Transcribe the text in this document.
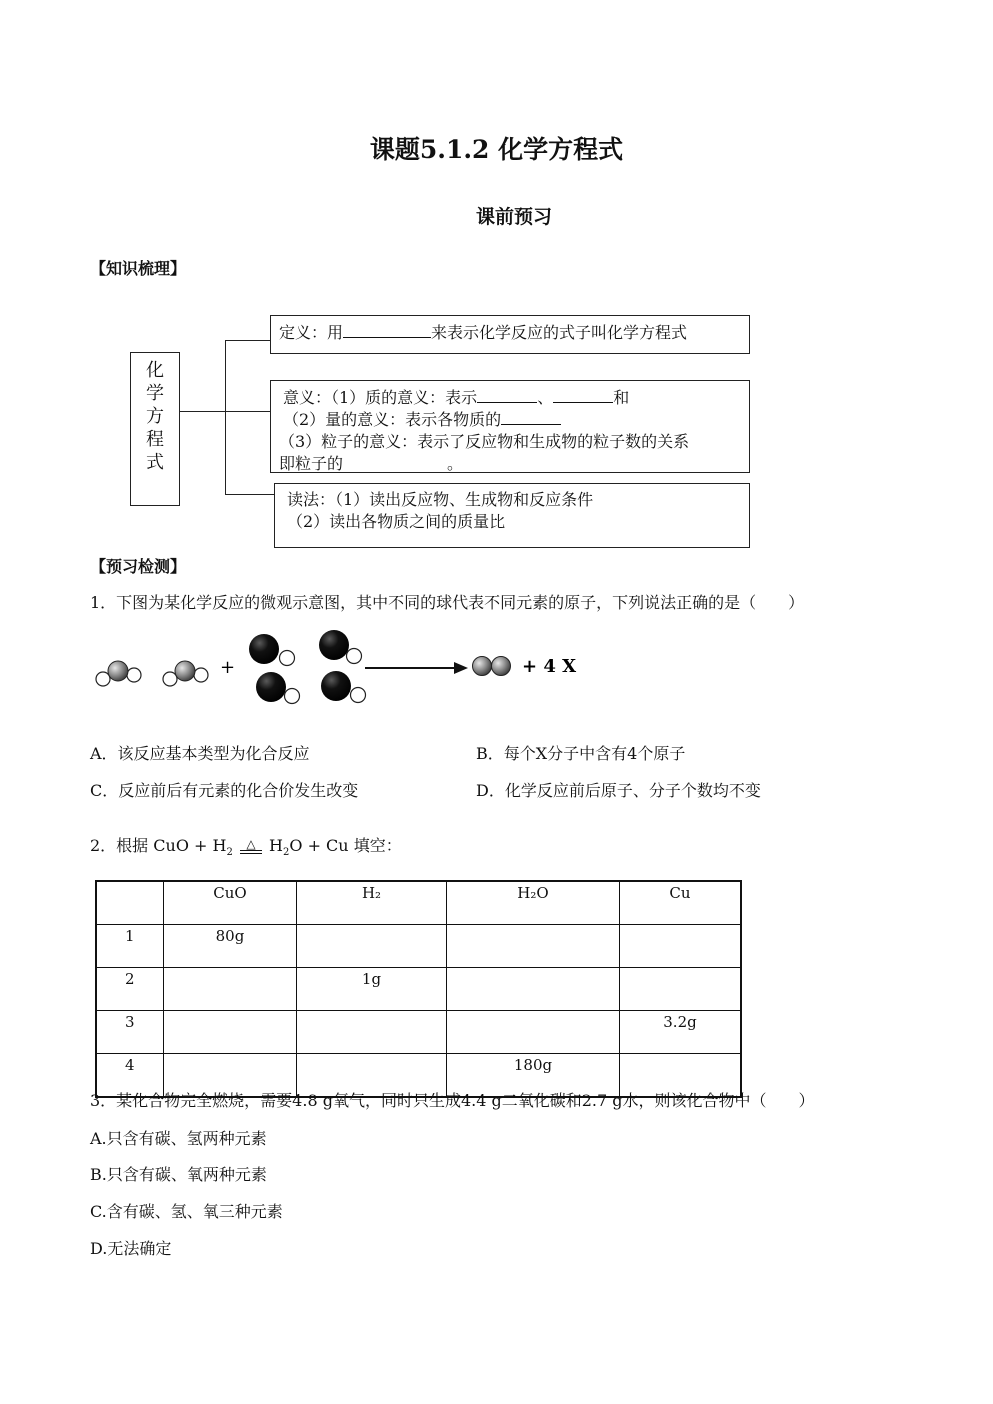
课题5.1.2 化学方程式
课前预习
【知识梳理】
化
学
方
程
式
定义：用	来表示化学反应的式子叫化学方程式
意义：（1）质的意义：表示	、	和
（2）量的意义：表示各物质的
（3）粒子的意义：表示了反应物和生成物的粒子数的关系
即粒子的	。
读法：（1）读出反应物、生成物和反应条件
（2）读出各物质之间的质量比
【预习检测】
1．下图为某化学反应的微观示意图，其中不同的球代表不同元素的原子，下列说法正确的是（　　）
+	+ 4 X
A．该反应基本类型为化合反应	B．每个X分子中含有4个原子
C．反应前后有元素的化合价发生改变	D．化学反应前后原子、分子个数均不变
2．根据 CuO + $H_2$
△ $H_2O + Cu$ 填空：
	CuO	H₂	H₂O	Cu
1	80g			
2		1g		
3				3.2g
4			180g	
3．某化合物完全燃烧，需要4.8 g氧气，同时只生成4.4 g二氧化碳和2.7 g水，则该化合物中（　　）
A.只含有碳、氢两种元素
B.只含有碳、氧两种元素
C.含有碳、氢、氧三种元素
D.无法确定
